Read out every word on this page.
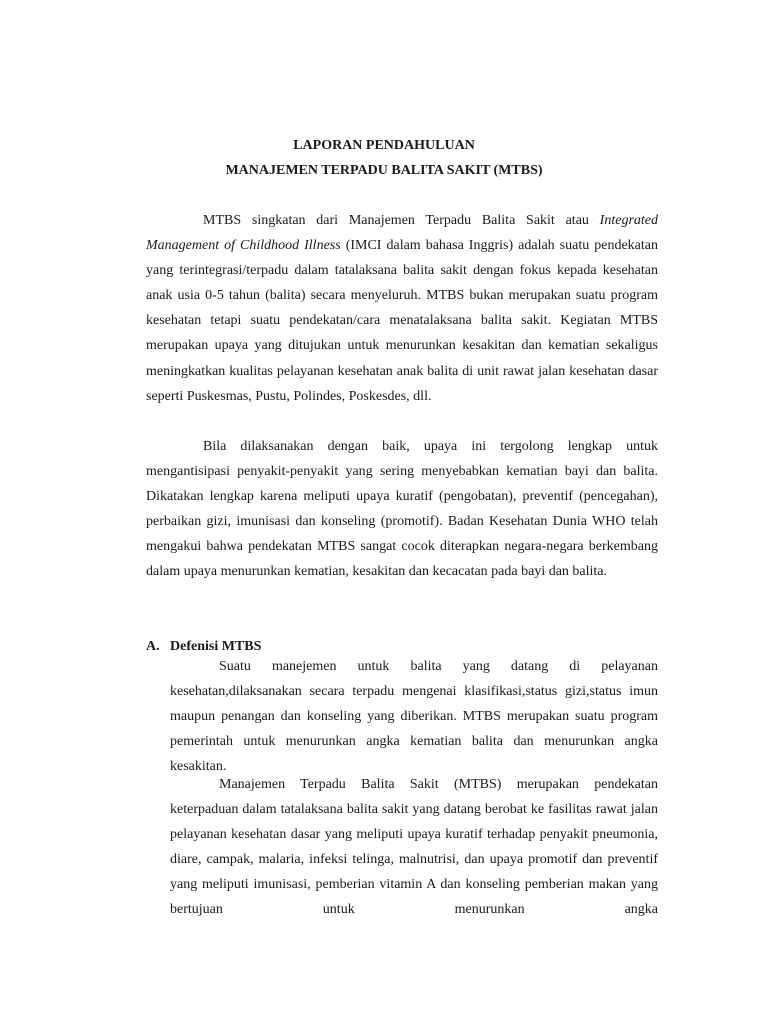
LAPORAN PENDAHULUAN

MANAJEMEN TERPADU BALITA SAKIT (MTBS)

MTBS singkatan dari Manajemen Terpadu Balita Sakit atau Integrated Management of Childhood Illness (IMCI dalam bahasa Inggris) adalah suatu pendekatan yang terintegrasi/terpadu dalam tatalaksana balita sakit dengan fokus kepada kesehatan anak usia 0-5 tahun (balita) secara menyeluruh. MTBS bukan merupakan suatu program kesehatan tetapi suatu pendekatan/cara menatalaksana balita sakit. Kegiatan MTBS merupakan upaya yang ditujukan untuk menurunkan kesakitan dan kematian sekaligus meningkatkan kualitas pelayanan kesehatan anak balita di unit rawat jalan kesehatan dasar seperti Puskesmas, Pustu, Polindes, Poskesdes, dll.

Bila dilaksanakan dengan baik, upaya ini tergolong lengkap untuk mengantisipasi penyakit-penyakit yang sering menyebabkan kematian bayi dan balita. Dikatakan lengkap karena meliputi upaya kuratif (pengobatan), preventif (pencegahan), perbaikan gizi, imunisasi dan konseling (promotif). Badan Kesehatan Dunia WHO telah mengakui bahwa pendekatan MTBS sangat cocok diterapkan negara-negara berkembang dalam upaya menurunkan kematian, kesakitan dan kecacatan pada bayi dan balita.

A. Defenisi MTBS

Suatu manejemen untuk balita yang datang di pelayanan kesehatan,dilaksanakan secara terpadu mengenai klasifikasi,status gizi,status imun maupun penangan dan konseling yang diberikan. MTBS merupakan suatu program pemerintah untuk menurunkan angka kematian balita dan menurunkan angka kesakitan.

Manajemen Terpadu Balita Sakit (MTBS) merupakan pendekatan keterpaduan dalam tatalaksana balita sakit yang datang berobat ke fasilitas rawat jalan pelayanan kesehatan dasar yang meliputi upaya kuratif terhadap penyakit pneumonia, diare, campak, malaria, infeksi telinga, malnutrisi, dan upaya promotif dan preventif yang meliputi imunisasi, pemberian vitamin A dan konseling pemberian makan yang bertujuan untuk menurunkan angka
